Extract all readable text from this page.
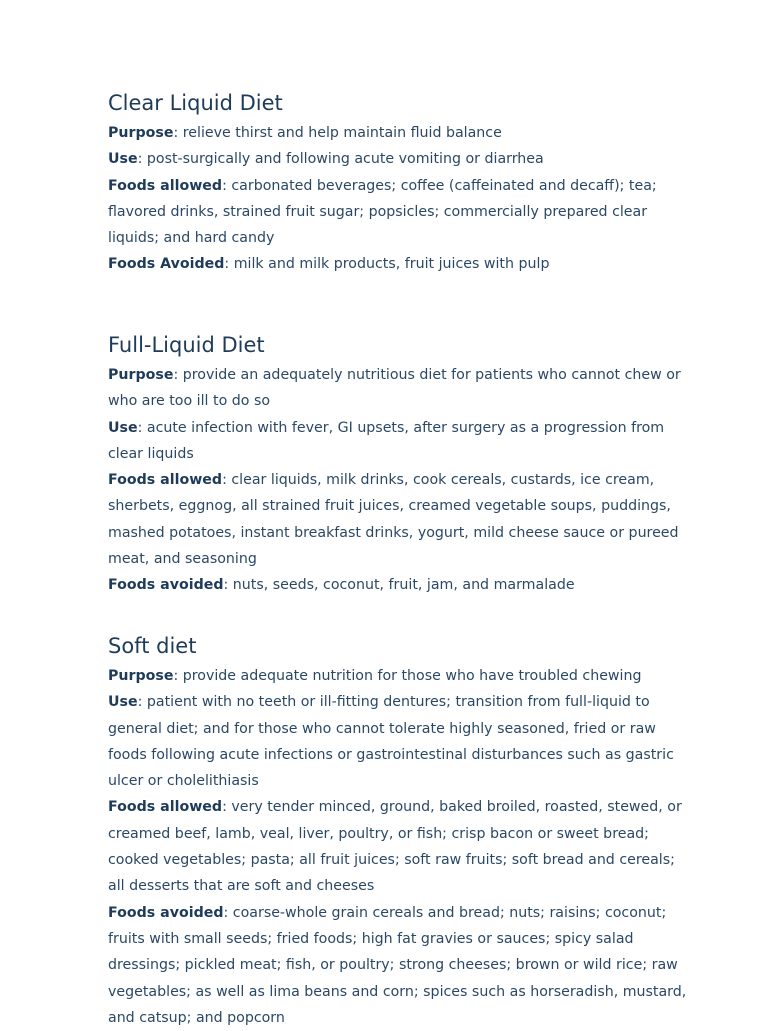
Clear Liquid Diet

Purpose: relieve thirst and help maintain fluid balance

Use: post-surgically and following acute vomiting or diarrhea

Foods allowed: carbonated beverages; coffee (caffeinated and decaff); tea; flavored drinks, strained fruit sugar; popsicles; commercially prepared clear liquids; and hard candy

Foods Avoided: milk and milk products, fruit juices with pulp

Full-Liquid Diet

Purpose: provide an adequately nutritious diet for patients who cannot chew or who are too ill to do so

Use: acute infection with fever, GI upsets, after surgery as a progression from clear liquids

Foods allowed: clear liquids, milk drinks, cook cereals, custards, ice cream, sherbets, eggnog, all strained fruit juices, creamed vegetable soups, puddings, mashed potatoes, instant breakfast drinks, yogurt, mild cheese sauce or pureed meat, and seasoning

Foods avoided: nuts, seeds, coconut, fruit, jam, and marmalade

Soft diet

Purpose: provide adequate nutrition for those who have troubled chewing

Use: patient with no teeth or ill-fitting dentures; transition from full-liquid to general diet; and for those who cannot tolerate highly seasoned, fried or raw foods following acute infections or gastrointestinal disturbances such as gastric ulcer or cholelithiasis

Foods allowed: very tender minced, ground, baked broiled, roasted, stewed, or creamed beef, lamb, veal, liver, poultry, or fish; crisp bacon or sweet bread; cooked vegetables; pasta; all fruit juices; soft raw fruits; soft bread and cereals; all desserts that are soft and cheeses

Foods avoided: coarse-whole grain cereals and bread; nuts; raisins; coconut; fruits with small seeds; fried foods; high fat gravies or sauces; spicy salad dressings; pickled meat; fish, or poultry; strong cheeses; brown or wild rice; raw vegetables; as well as lima beans and corn; spices such as horseradish, mustard, and catsup; and popcorn
